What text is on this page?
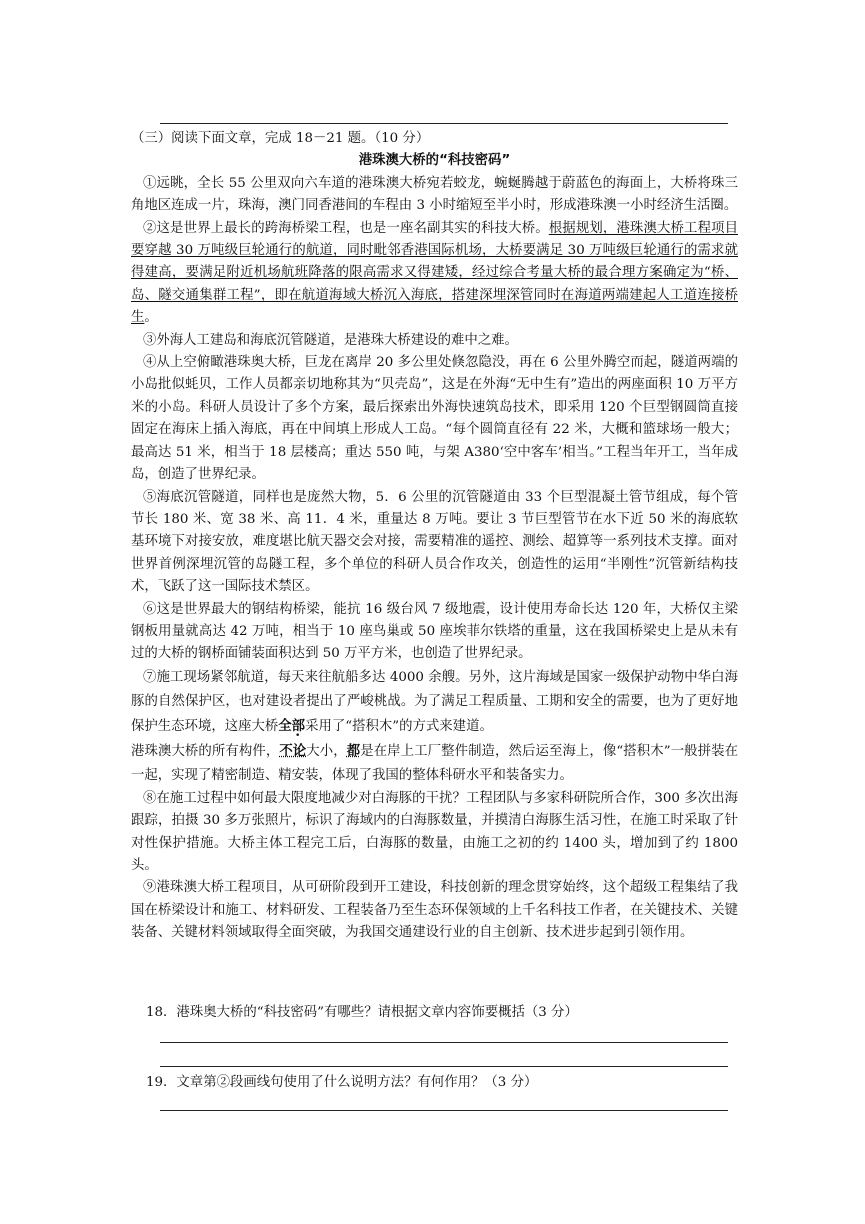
（三）阅读下面文章，完成 18－21 题。（10 分）

港珠澳大桥的“科技密码”

①远眺，全长 55 公里双向六车道的港珠澳大桥宛若蛟龙，蜿蜒腾越于蔚蓝色的海面上，大桥将珠三角地区连成一片，珠海，澳门同香港间的车程由 3 小时缩短至半小时，形成港珠澳一小时经济生活圈。

②这是世界上最长的跨海桥梁工程，也是一座名副其实的科技大桥。根据规划，港珠澳大桥工程项目要穿越 30 万吨级巨轮通行的航道，同时毗邻香港国际机场，大桥要满足 30 万吨级巨轮通行的需求就得建高，要满足附近机场航班降落的限高需求又得建矮，经过综合考量大桥的最合理方案确定为“桥、岛、隧交通集群工程”，即在航道海域大桥沉入海底，搭建深埋深管同时在海道两端建起人工道连接桥生。

③外海人工建岛和海底沉管隧道，是港珠大桥建设的难中之难。

④从上空俯瞰港珠奥大桥，巨龙在离岸 20 多公里处倏忽隐没，再在 6 公里外腾空而起，隧道两端的小岛批似蚝贝，工作人员都亲切地称其为“贝壳岛”，这是在外海“无中生有”造出的两座面积 10 万平方米的小岛。科研人员设计了多个方案，最后探索出外海快速筑岛技术，即采用 120 个巨型钢圆筒直接固定在海床上插入海底，再在中间填上形成人工岛。“每个圆筒直径有 22 米，大概和篮球场一般大；最高达 51 米，相当于 18 层楼高；重达 550 吨，与架 A380‘空中客车’相当。”工程当年开工，当年成岛，创造了世界纪录。

⑤海底沉管隧道，同样也是庞然大物，5．6 公里的沉管隧道由 33 个巨型混凝土管节组成，每个管节长 180 米、宽 38 米、高 11．4 米，重量达 8 万吨。要让 3 节巨型管节在水下近 50 米的海底软基环境下对接安放，难度堪比航天器交会对接，需要精准的遥控、测绘、超算等一系列技术支撑。面对世界首例深埋沉管的岛隧工程，多个单位的科研人员合作攻关，创造性的运用“半刚性”沉管新结构技术，飞跃了这一国际技术禁区。

⑥这是世界最大的钢结构桥梁，能抗 16 级台风 7 级地震，设计使用寿命长达 120 年，大桥仅主梁钢板用量就高达 42 万吨，相当于 10 座鸟巢或 50 座埃菲尔铁塔的重量，这在我国桥梁史上是从未有过的大桥的钢桥面铺装面积达到 50 万平方米，也创造了世界纪录。

⑦施工现场紧邻航道，每天来往航船多达 4000 余艘。另外，这片海域是国家一级保护动物中华白海豚的自然保护区，也对建设者提出了严峻桃战。为了满足工程质量、工期和安全的需要，也为了更好地保护生态环境，这座大桥全部采用了“搭积木”的方式来建道。
港珠澳大桥的所有构件，不论大小，都是在岸上工厂整件制造，然后运至海上，像“搭积木”一般拼装在一起，实现了精密制造、精安装，体现了我国的整体科研水平和装备实力。

⑧在施工过程中如何最大限度地减少对白海豚的干扰？工程团队与多家科研院所合作，300 多次出海跟踪，拍摄 30 多万张照片，标识了海域内的白海豚数量，并摸清白海豚生活习性，在施工时采取了针对性保护措施。大桥主体工程完工后，白海豚的数量，由施工之初的约 1400 头，增加到了约 1800 头。

⑨港珠澳大桥工程项目，从可研阶段到开工建设，科技创新的理念贯穿始终，这个超级工程集结了我国在桥梁设计和施工、材料研发、工程装备乃至生态环保领域的上千名科技工作者，在关键技术、关键装备、关键材料领域取得全面突破，为我国交通建设行业的自主创新、技术进步起到引领作用。

18．港珠奥大桥的“科技密码”有哪些？请根据文章内容饰要概括（3 分）
19．文章第②段画线句使用了什么说明方法？有何作用？（3 分）
